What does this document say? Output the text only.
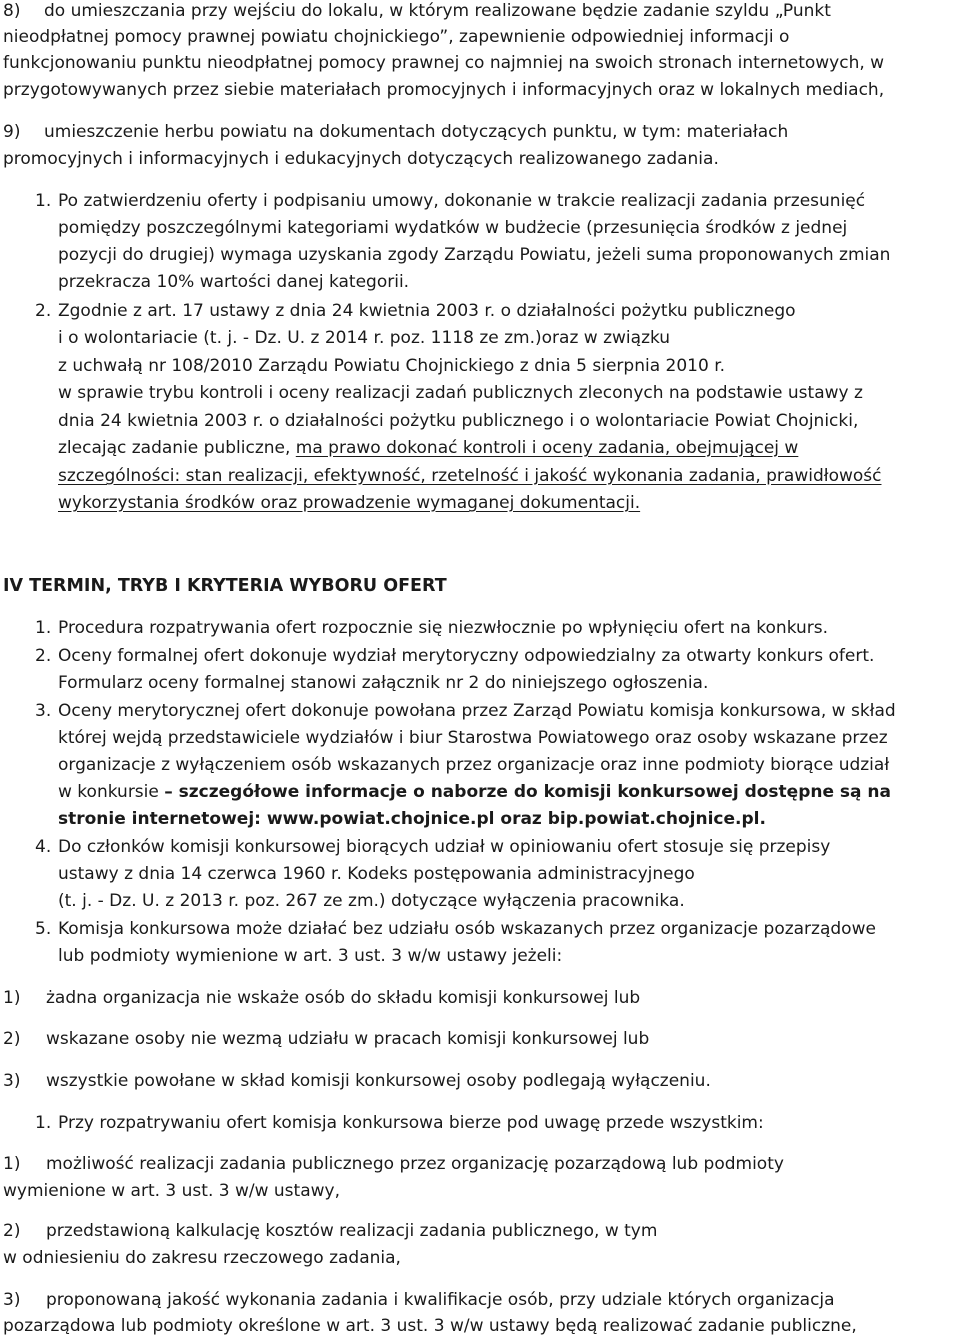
8) do umieszczania przy wejściu do lokalu, w którym realizowane będzie zadanie szyldu „Punkt
nieodpłatnej pomocy prawnej powiatu chojnickiego”, zapewnienie odpowiedniej informacji o
funkcjonowaniu punktu nieodpłatnej pomocy prawnej co najmniej na swoich stronach internetowych, w
przygotowywanych przez siebie materiałach promocyjnych i informacyjnych oraz w lokalnych mediach,
9) umieszczenie herbu powiatu na dokumentach dotyczących punktu, w tym: materiałach
promocyjnych i informacyjnych i edukacyjnych dotyczących realizowanego zadania.
1. Po zatwierdzeniu oferty i podpisaniu umowy, dokonanie w trakcie realizacji zadania przesunięć
pomiędzy poszczególnymi kategoriami wydatków w budżecie (przesunięcia środków z jednej
pozycji do drugiej) wymaga uzyskania zgody Zarządu Powiatu, jeżeli suma proponowanych zmian
przekracza 10% wartości danej kategorii.
2. Zgodnie z art. 17 ustawy z dnia 24 kwietnia 2003 r. o działalności pożytku publicznego
i o wolontariacie (t. j. - Dz. U. z 2014 r. poz. 1118 ze zm.)oraz w związku
z uchwałą nr 108/2010 Zarządu Powiatu Chojnickiego z dnia 5 sierpnia 2010 r.
w sprawie trybu kontroli i oceny realizacji zadań publicznych zleconych na podstawie ustawy z
dnia 24 kwietnia 2003 r. o działalności pożytku publicznego i o wolontariacie Powiat Chojnicki,
zlecając zadanie publiczne, ma prawo dokonać kontroli i oceny zadania, obejmującej w
szczególności: stan realizacji, efektywność, rzetelność i jakość wykonania zadania, prawidłowość
wykorzystania środków oraz prowadzenie wymaganej dokumentacji.
IV TERMIN, TRYB I KRYTERIA WYBORU OFERT
1. Procedura rozpatrywania ofert rozpocznie się niezwłocznie po wpłynięciu ofert na konkurs.
2. Oceny formalnej ofert dokonuje wydział merytoryczny odpowiedzialny za otwarty konkurs ofert.
Formularz oceny formalnej stanowi załącznik nr 2 do niniejszego ogłoszenia.
3. Oceny merytorycznej ofert dokonuje powołana przez Zarząd Powiatu komisja konkursowa, w skład
której wejdą przedstawiciele wydziałów i biur Starostwa Powiatowego oraz osoby wskazane przez
organizacje z wyłączeniem osób wskazanych przez organizacje oraz inne podmioty biorące udział
w konkursie – szczegółowe informacje o naborze do komisji konkursowej dostępne są na
stronie internetowej: www.powiat.chojnice.pl oraz bip.powiat.chojnice.pl.
4. Do członków komisji konkursowej biorących udział w opiniowaniu ofert stosuje się przepisy
ustawy z dnia 14 czerwca 1960 r. Kodeks postępowania administracyjnego
(t. j. - Dz. U. z 2013 r. poz. 267 ze zm.) dotyczące wyłączenia pracownika.
5. Komisja konkursowa może działać bez udziału osób wskazanych przez organizacje pozarządowe
lub podmioty wymienione w art. 3 ust. 3 w/w ustawy jeżeli:
1) żadna organizacja nie wskaże osób do składu komisji konkursowej lub
2) wskazane osoby nie wezmą udziału w pracach komisji konkursowej lub
3) wszystkie powołane w skład komisji konkursowej osoby podlegają wyłączeniu.
1. Przy rozpatrywaniu ofert komisja konkursowa bierze pod uwagę przede wszystkim:
1) możliwość realizacji zadania publicznego przez organizację pozarządową lub podmioty
wymienione w art. 3 ust. 3 w/w ustawy,
2) przedstawioną kalkulację kosztów realizacji zadania publicznego, w tym
w odniesieniu do zakresu rzeczowego zadania,
3) proponowaną jakość wykonania zadania i kwalifikacje osób, przy udziale których organizacja
pozarządowa lub podmioty określone w art. 3 ust. 3 w/w ustawy będą realizować zadanie publiczne,
